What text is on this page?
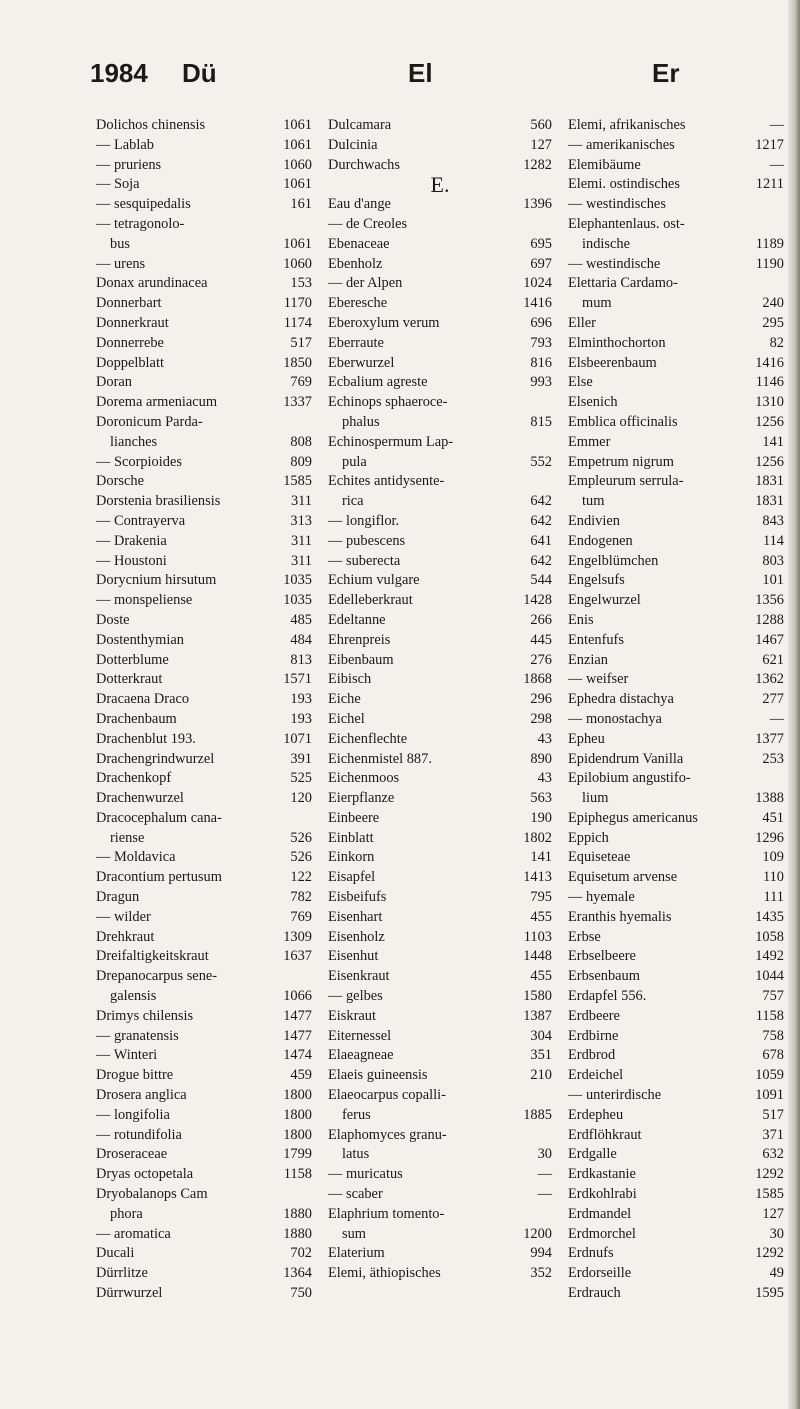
1984 Dü	El	Er
Dolichos chinensis	1061
— Lablab	1061
— pruriens	1060
— Soja	1061
— sesquipedalis	161
— tetragonolo-
bus	1061
— urens	1060
Donax arundinacea	153
Donnerbart	1170
Donnerkraut	1174
Donnerrebe	517
Doppelblatt	1850
Doran	769
Dorema armeniacum	1337
Doronicum Parda-
lianches	808
— Scorpioides	809
Dorsche	1585
Dorstenia brasiliensis	311
— Contrayerva	313
— Drakenia	311
— Houstoni	311
Dorycnium hirsutum	1035
— monspeliense	1035
Doste	485
Dostenthymian	484
Dotterblume	813
Dotterkraut	1571
Dracaena Draco	193
Drachenbaum	193
Drachenblut 193.	1071
Drachengrindwurzel	391
Drachenkopf	525
Drachenwurzel	120
Dracocephalum cana-
riense	526
— Moldavica	526
Dracontium pertusum	122
Dragun	782
— wilder	769
Drehkraut	1309
Dreifaltigkeitskraut	1637
Drepanocarpus sene-
galensis	1066
Drimys chilensis	1477
— granatensis	1477
— Winteri	1474
Drogue bittre	459
Drosera anglica	1800
— longifolia	1800
— rotundifolia	1800
Droseraceae	1799
Dryas octopetala	1158
Dryobalanops Cam
phora	1880
— aromatica	1880
Ducali	702
Dürrlitze	1364
Dürrwurzel	750
Dulcamara	560
Dulcinia	127
Durchwachs	1282
E.
Eau d'ange	1396
— de Creoles
Ebenaceae	695
Ebenholz	697
— der Alpen	1024
Eberesche	1416
Eberoxylum verum	696
Eberraute	793
Eberwurzel	816
Ecbalium agreste	993
Echinops sphaeroce-
phalus	815
Echinospermum Lap-
pula	552
Echites antidysente-
rica	642
— longiflor.	642
— pubescens	641
— suberecta	642
Echium vulgare	544
Edelleberkraut	1428
Edeltanne	266
Ehrenpreis	445
Eibenbaum	276
Eibisch	1868
Eiche	296
Eichel	298
Eichenflechte	43
Eichenmistel 887.	890
Eichenmoos	43
Eierpflanze	563
Einbeere	190
Einblatt	1802
Einkorn	141
Eisapfel	1413
Eisbeifufs	795
Eisenhart	455
Eisenholz	1103
Eisenhut	1448
Eisenkraut	455
— gelbes	1580
Eiskraut	1387
Eiternessel	304
Elaeagneae	351
Elaeis guineensis	210
Elaeocarpus copalli-
ferus	1885
Elaphomyces granu-
latus	30
— muricatus	—
— scaber	—
Elaphrium tomento-
sum	1200
Elaterium	994
Elemi, äthiopisches	352
Elemi, afrikanisches	—
— amerikanisches	1217
Elemibäume	—
Elemi. ostindisches	1211
— westindisches
Elephantenlaus. ost-
indische	1189
— westindische	1190
Elettaria Cardamo-
mum	240
Eller	295
Elminthochorton	82
Elsbeerenbaum	1416
Else	1146
Elsenich	1310
Emblica officinalis	1256
Emmer	141
Empetrum nigrum	1256
Empleurum serrula-	1831
tum	1831
Endivien	843
Endogenen	114
Engelblümchen	803
Engelsufs	101
Engelwurzel	1356
Enis	1288
Entenfufs	1467
Enzian	621
— weifser	1362
Ephedra distachya	277
— monostachya	—
Epheu	1377
Epidendrum Vanilla	253
Epilobium angustifo-
lium	1388
Epiphegus americanus	451
Eppich	1296
Equiseteae	109
Equisetum arvense	110
— hyemale	111
Eranthis hyemalis	1435
Erbse	1058
Erbselbeere	1492
Erbsenbaum	1044
Erdapfel 556.	757
Erdbeere	1158
Erdbirne	758
Erdbrod	678
Erdeichel	1059
— unterirdische	1091
Erdepheu	517
Erdflöhkraut	371
Erdgalle	632
Erdkastanie	1292
Erdkohlrabi	1585
Erdmandel	127
Erdmorchel	30
Erdnufs	1292
Erdorseille	49
Erdrauch	1595
